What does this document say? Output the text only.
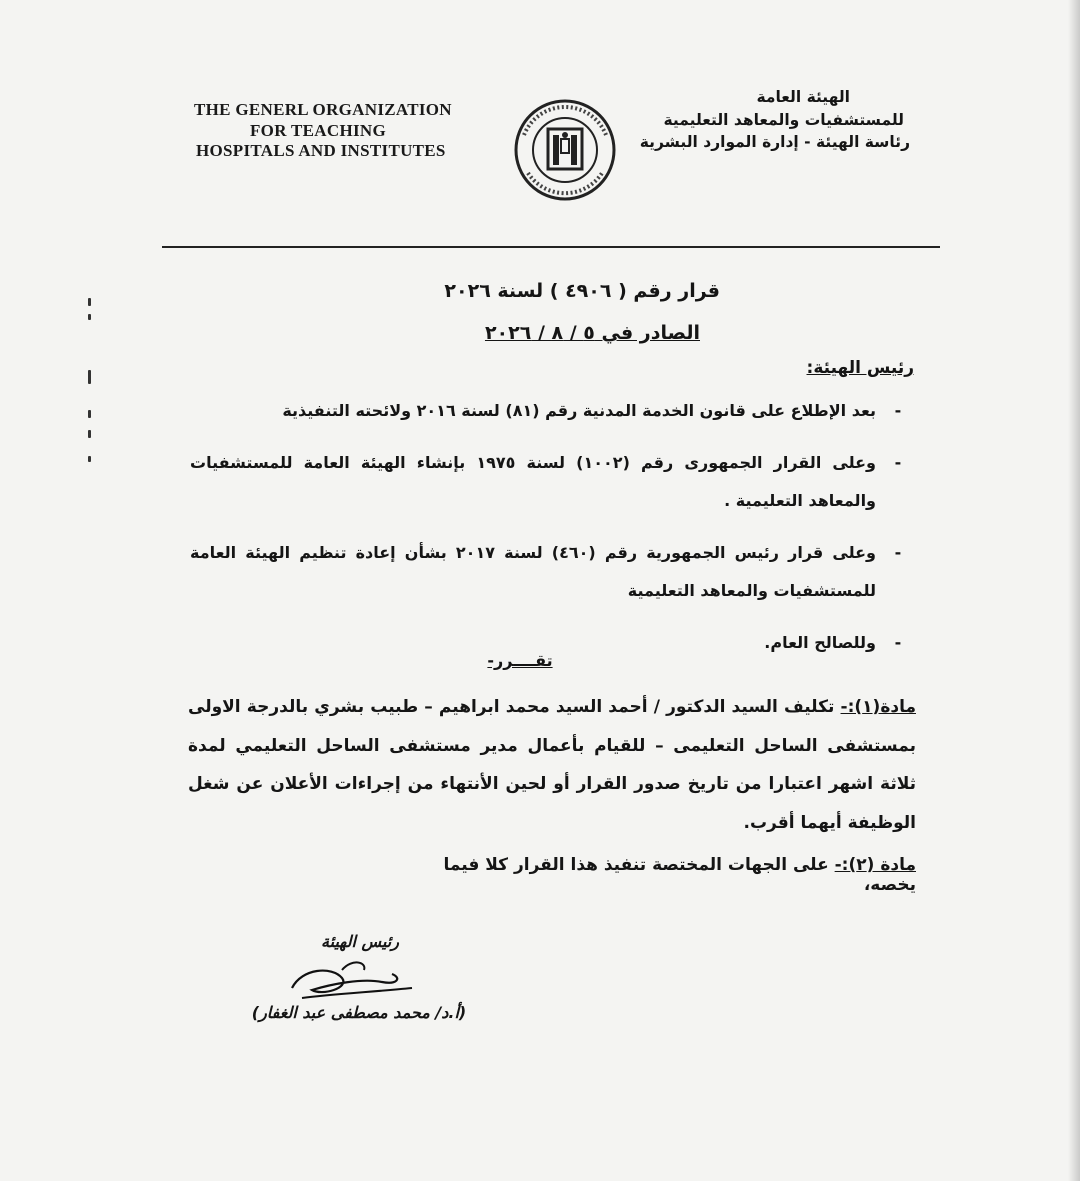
THE GENERL ORGANIZATION
FOR TEACHING
HOSPITALS AND INSTITUTES
الهيئة العامة
للمستشفيات والمعاهد التعليمية
رئاسة الهيئة - إدارة الموارد البشرية
قرار رقم ( ٤٩٠٦ ) لسنة ٢٠٢٦
الصادر في ٥ / ٨ / ٢٠٢٦
رئيس الهيئة:
-
بعد الإطلاع على قانون الخدمة المدنية رقم (٨١) لسنة ٢٠١٦ ولائحته التنفيذية
-
وعلى القرار الجمهورى رقم (١٠٠٢) لسنة ١٩٧٥ بإنشاء الهيئة العامة للمستشفيات والمعاهد التعليمية .
-
وعلى قرار رئيس الجمهورية رقم (٤٦٠) لسنة ٢٠١٧ بشأن إعادة تنظيم الهيئة العامة للمستشفيات والمعاهد التعليمية
-
وللصالح العام.
تقــــرر-
مادة(١):- تكليف السيد الدكتور / أحمد السيد محمد ابراهيم – طبيب بشري بالدرجة الاولى بمستشفى الساحل التعليمى – للقيام بأعمال مدير مستشفى الساحل التعليمي لمدة ثلاثة اشهر اعتبارا من تاريخ صدور القرار أو لحين الأنتهاء من إجراءات الأعلان عن شغل الوظيفة أيهما أقرب.
مادة (٢):- على الجهات المختصة تنفيذ هذا القرار كلا فيما يخصه،
رئيس الهيئة
(أ.د/ محمد مصطفى عبد الغفار)
